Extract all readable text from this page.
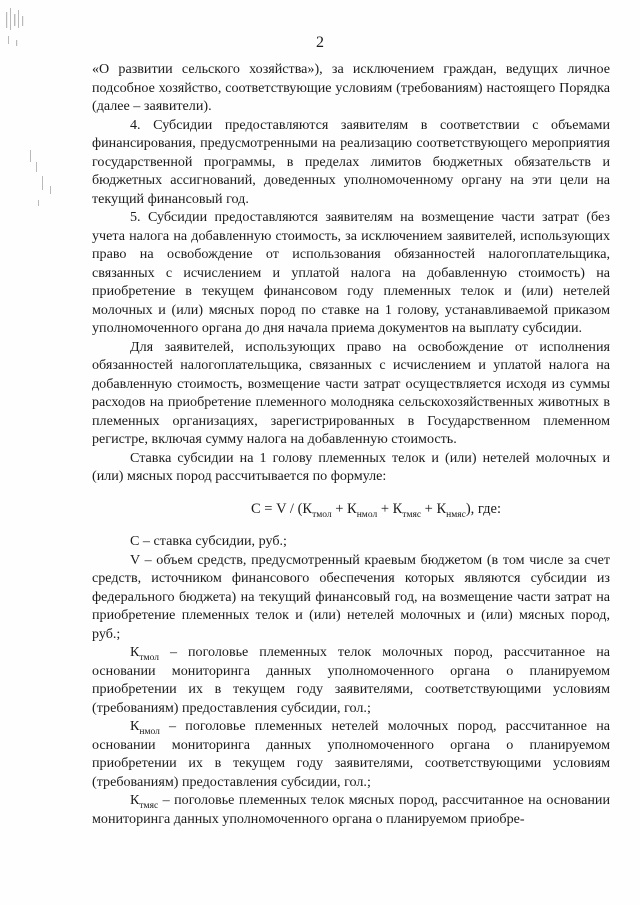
2

«О развитии сельского хозяйства»), за исключением граждан, ведущих личное подсобное хозяйство, соответствующие условиям (требованиям) настоящего Порядка (далее – заявители).

4. Субсидии предоставляются заявителям в соответствии с объемами финансирования, предусмотренными на реализацию соответствующего мероприятия государственной программы, в пределах лимитов бюджетных обязательств и бюджетных ассигнований, доведенных уполномоченному органу на эти цели на текущий финансовый год.

5. Субсидии предоставляются заявителям на возмещение части затрат (без учета налога на добавленную стоимость, за исключением заявителей, использующих право на освобождение от использования обязанностей налогоплательщика, связанных с исчислением и уплатой налога на добавленную стоимость) на приобретение в текущем финансовом году племенных телок и (или) нетелей молочных и (или) мясных пород по ставке на 1 голову, устанавливаемой приказом уполномоченного органа до дня начала приема документов на выплату субсидии.

Для заявителей, использующих право на освобождение от исполнения обязанностей налогоплательщика, связанных с исчислением и уплатой налога на добавленную стоимость, возмещение части затрат осуществляется исходя из суммы расходов на приобретение племенного молодняка сельскохозяйственных животных в племенных организациях, зарегистрированных в Государственном племенном регистре, включая сумму налога на добавленную стоимость.

Ставка субсидии на 1 голову племенных телок и (или) нетелей молочных и (или) мясных пород рассчитывается по формуле:

$С = V / (К_{тмол} + К_{нмол} + К_{тмяс} + К_{нмяс})$, где:

С – ставка субсидии, руб.;

V – объем средств, предусмотренный краевым бюджетом (в том числе за счет средств, источником финансового обеспечения которых являются субсидии из федерального бюджета) на текущий финансовый год, на возмещение части затрат на приобретение племенных телок и (или) нетелей молочных и (или) мясных пород, руб.;

$К_{тмол}$ – поголовье племенных телок молочных пород, рассчитанное на основании мониторинга данных уполномоченного органа о планируемом приобретении их в текущем году заявителями, соответствующими условиям (требованиям) предоставления субсидии, гол.;

$К_{нмол}$ – поголовье племенных нетелей молочных пород, рассчитанное на основании мониторинга данных уполномоченного органа о планируемом приобретении их в текущем году заявителями, соответствующими условиям (требованиям) предоставления субсидии, гол.;

$К_{тмяс}$ – поголовье племенных телок мясных пород, рассчитанное на основании мониторинга данных уполномоченного органа о планируемом приобре-
